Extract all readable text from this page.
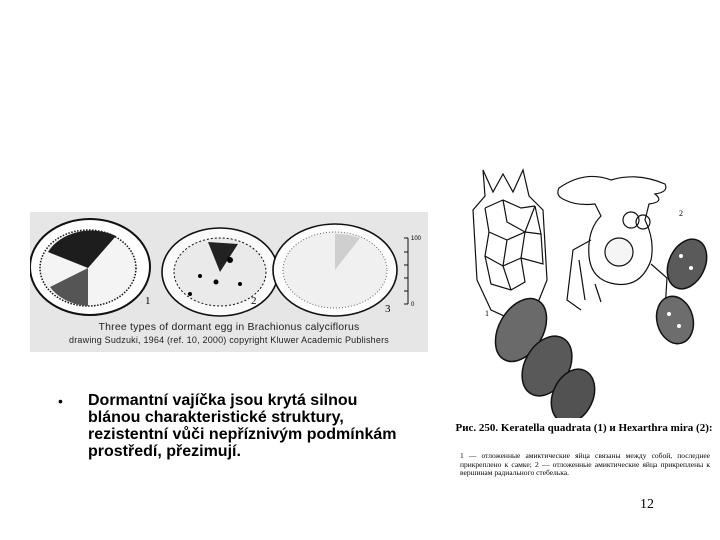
1	2
3
100
0
Three types of dormant egg in Brachionus calyciflorus
drawing Sudzuki, 1964 (ref. 10, 2000) copyright Kluwer Academic Publishers
• Dormantní vajíčka jsou krytá silnou blánou charakteristické struktury, rezistentní vůči nepříznivým podmínkám prostředí, přezimují.

2
1
Рис. 250. Keratella quadrata (1) и Hexarthra mira (2):
1 — отложенные амиктические яйца связаны между собой, последнее прикреплено к самке; 2 — отложенные амиктические яйца прикреплены к вершинам радиального стебелька.
12
